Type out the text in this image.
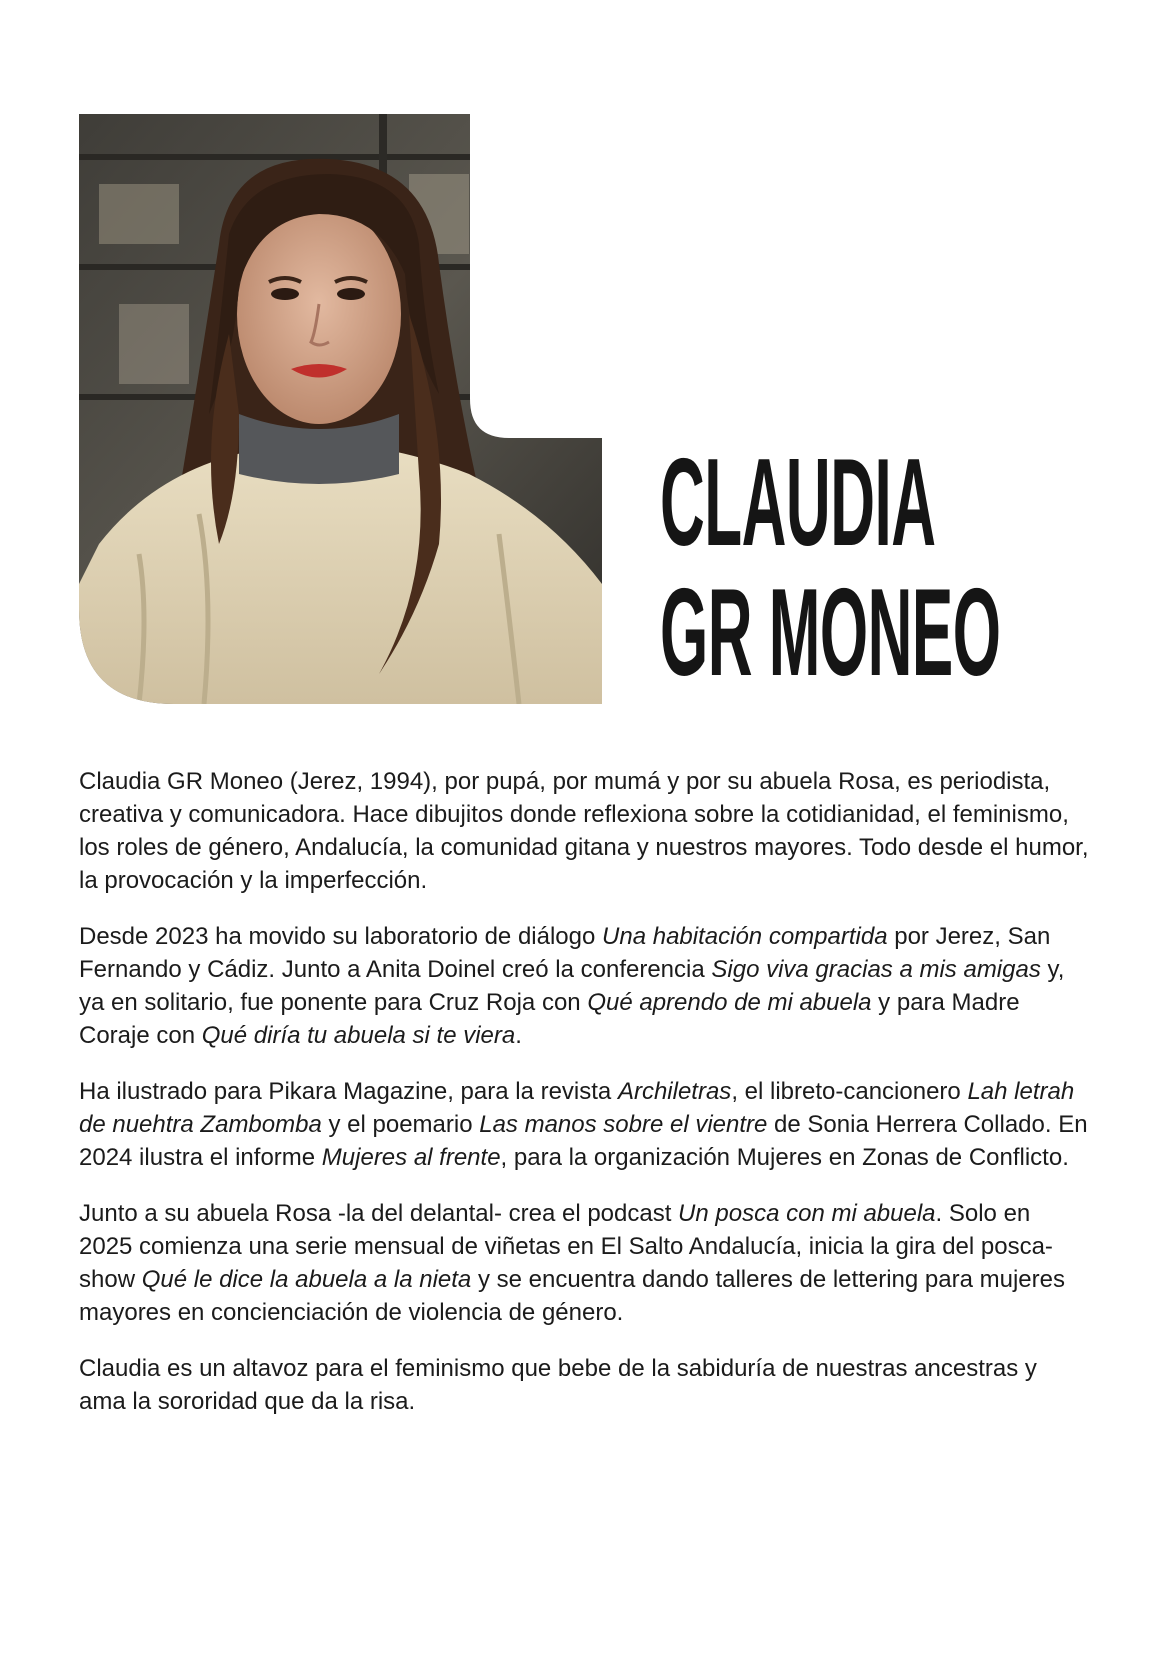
CLAUDIA
GR MONEO

Claudia GR Moneo (Jerez, 1994), por pupá, por mumá y por su abuela Rosa, es periodista, creativa y comunicadora. Hace dibujitos donde reflexiona sobre la cotidianidad, el feminismo, los roles de género, Andalucía, la comunidad gitana y nuestros mayores. Todo desde el humor, la provocación y la imperfección.

Desde 2023 ha movido su laboratorio de diálogo Una habitación compartida por Jerez, San Fernando y Cádiz. Junto a Anita Doinel creó la conferencia Sigo viva gracias a mis amigas y, ya en solitario, fue ponente para Cruz Roja con Qué aprendo de mi abuela y para Madre Coraje con Qué diría tu abuela si te viera.

Ha ilustrado para Pikara Magazine, para la revista Archiletras, el libreto-cancionero Lah letrah de nuehtra Zambomba y el poemario Las manos sobre el vientre de Sonia Herrera Collado. En 2024 ilustra el informe Mujeres al frente, para la organización Mujeres en Zonas de Conflicto.

Junto a su abuela Rosa -la del delantal- crea el podcast Un posca con mi abuela. Solo en 2025 comienza una serie mensual de viñetas en El Salto Andalucía, inicia la gira del posca-show Qué le dice la abuela a la nieta y se encuentra dando talleres de lettering para mujeres mayores en concienciación de violencia de género.

Claudia es un altavoz para el feminismo que bebe de la sabiduría de nuestras ancestras y ama la sororidad que da la risa.
